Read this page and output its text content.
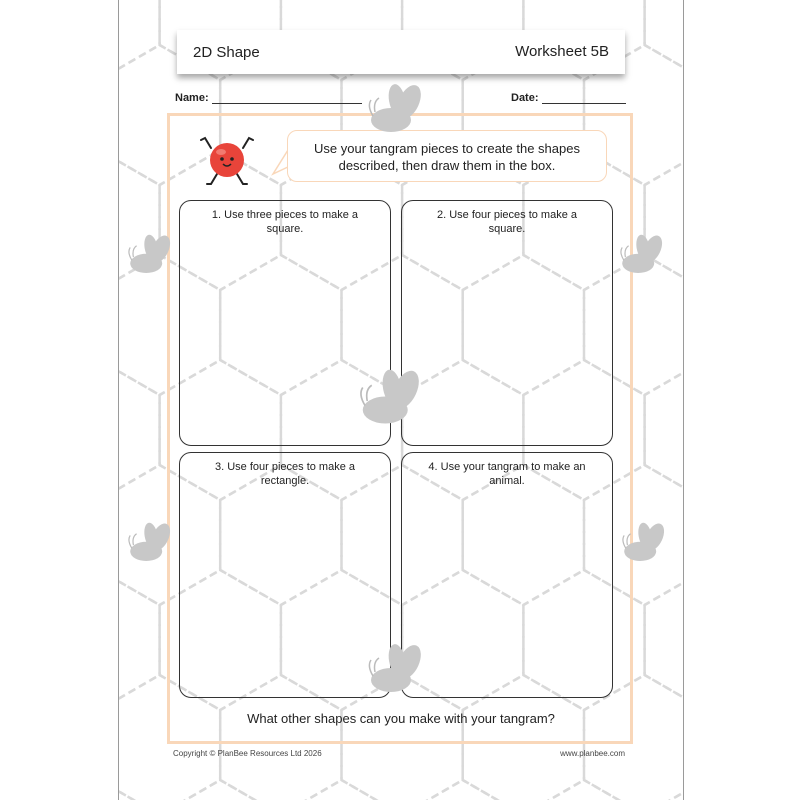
2D Shape	Worksheet 5B
Name:	Date:
Use your tangram pieces to create the shapes described, then draw them in the box.
1. Use three pieces to make a square.
2. Use four pieces to make a square.
3. Use four pieces to make a rectangle.
4. Use your tangram to make an animal.
What other shapes can you make with your tangram?
Copyright © PlanBee Resources Ltd 2026	www.planbee.com
